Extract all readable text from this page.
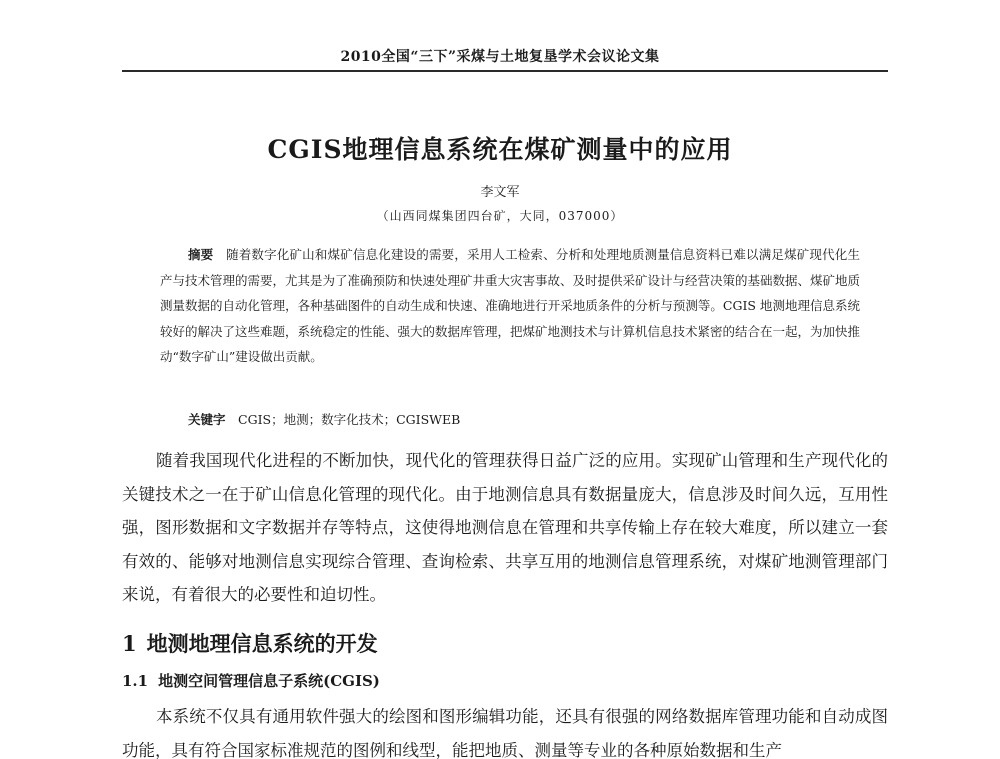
2010全国“三下”采煤与土地复垦学术会议论文集
CGIS地理信息系统在煤矿测量中的应用
李文军
（山西同煤集团四台矿，大同，037000）

摘要　 随着数字化矿山和煤矿信息化建设的需要，采用人工检索、分析和处理地质测量信息资料已难以满足煤矿现代化生产与技术管理的需要，尤其是为了准确预防和快速处理矿井重大灾害事故、及时提供采矿设计与经营决策的基础数据、煤矿地质测量数据的自动化管理，各种基础图件的自动生成和快速、准确地进行开采地质条件的分析与预测等。CGIS 地测地理信息系统较好的解决了这些难题，系统稳定的性能、强大的数据库管理，把煤矿地测技术与计算机信息技术紧密的结合在一起，为加快推动“数字矿山”建设做出贡献。

关键字　 CGIS；地测；数字化技术；CGISWEB

随着我国现代化进程的不断加快，现代化的管理获得日益广泛的应用。实现矿山管理和生产现代化的关键技术之一在于矿山信息化管理的现代化。由于地测信息具有数据量庞大，信息涉及时间久远，互用性强，图形数据和文字数据并存等特点，这使得地测信息在管理和共享传输上存在较大难度，所以建立一套有效的、能够对地测信息实现综合管理、查询检索、共享互用的地测信息管理系统，对煤矿地测管理部门来说，有着很大的必要性和迫切性。

1 地测地理信息系统的开发
1.1 地测空间管理信息子系统(CGIS)

本系统不仅具有通用软件强大的绘图和图形编辑功能，还具有很强的网络数据库管理功能和自动成图功能，具有符合国家标准规范的图例和线型，能把地质、测量等专业的各种原始数据和生产
